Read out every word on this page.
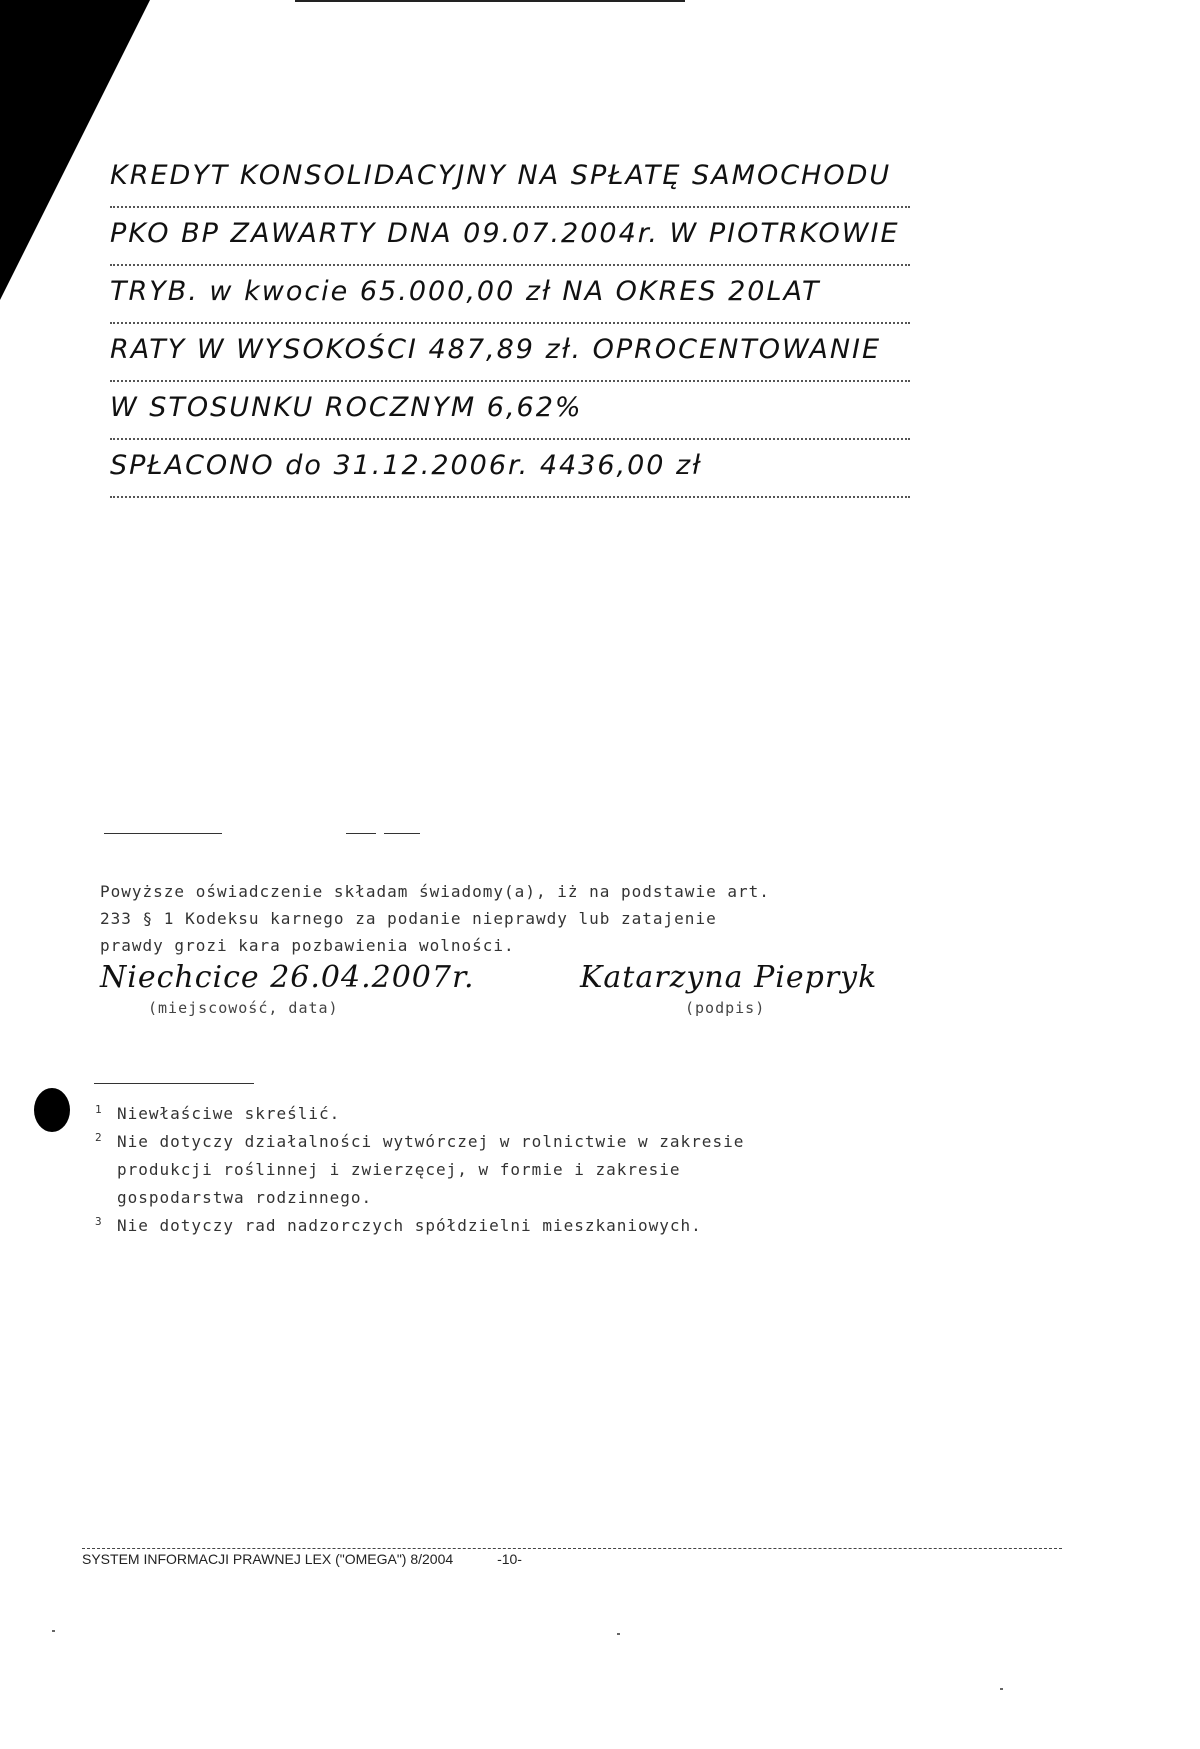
KREDYT KONSOLIDACYJNY NA SPŁATĘ SAMOCHODU
PKO BP ZAWARTY DNA 09.07.2004r. W PIOTRKOWIE
TRYB. w kwocie 65.000,00 zł NA OKRES 20LAT
RATY W WYSOKOŚCI 487,89 zł. OPROCENTOWANIE
W STOSUNKU ROCZNYM 6,62%
SPŁACONO do 31.12.2006r. 4436,00 zł

Powyższe oświadczenie składam świadomy(a), iż na podstawie art.

233 § 1 Kodeksu karnego za podanie nieprawdy lub zatajenie

prawdy grozi kara pozbawienia wolności.

Niechcice 26.04.2007r.
(miejscowość, data)
Katarzyna Piepryk
(podpis)
1 Niewłaściwe skreślić.

2 Nie dotyczy działalności wytwórczej w rolnictwie w zakresie

produkcji roślinnej i zwierzęcej, w formie i zakresie

gospodarstwa rodzinnego.

3 Nie dotyczy rad nadzorczych spółdzielni mieszkaniowych.

SYSTEM INFORMACJI PRAWNEJ LEX ("OMEGA") 8/2004	-10-
